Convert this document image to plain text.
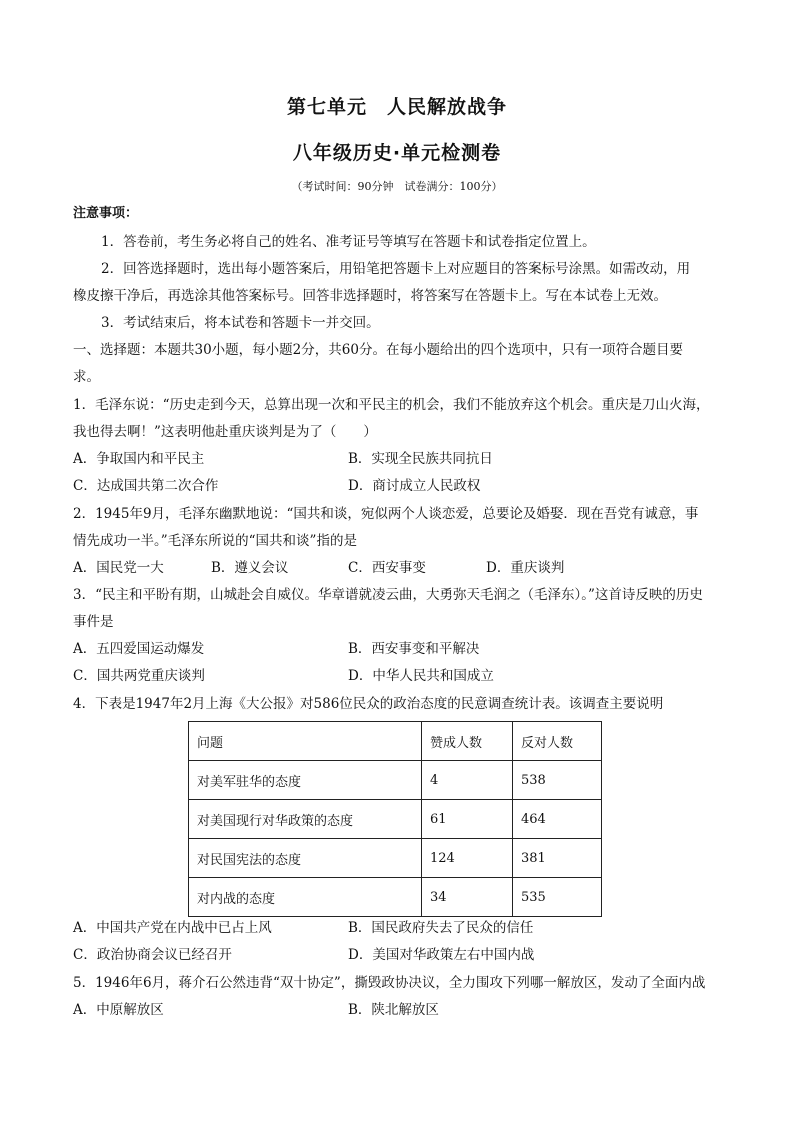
第七单元　人民解放战争
八年级历史·单元检测卷
（考试时间：90分钟　试卷满分：100分）
注意事项：
1．答卷前，考生务必将自己的姓名、准考证号等填写在答题卡和试卷指定位置上。
2．回答选择题时，选出每小题答案后，用铅笔把答题卡上对应题目的答案标号涂黑。如需改动，用
橡皮擦干净后，再选涂其他答案标号。回答非选择题时，将答案写在答题卡上。写在本试卷上无效。
3．考试结束后，将本试卷和答题卡一并交回。
一、选择题：本题共30小题，每小题2分，共60分。在每小题给出的四个选项中，只有一项符合题目要
求。
1．毛泽东说：“历史走到今天，总算出现一次和平民主的机会，我们不能放弃这个机会。重庆是刀山火海，
我也得去啊！”这表明他赴重庆谈判是为了（　　）
A．争取国内和平民主	B．实现全民族共同抗日
C．达成国共第二次合作	D．商讨成立人民政权
2．1945年9月，毛泽东幽默地说：“国共和谈，宛似两个人谈恋爱，总要论及婚娶．现在吾党有诚意，事
情先成功一半。”毛泽东所说的“国共和谈”指的是
A．国民党一大	B．遵义会议	C．西安事变	D．重庆谈判
3．“民主和平盼有期，山城赴会自威仪。华章谱就凌云曲，大勇弥天毛润之（毛泽东）。”这首诗反映的历史
事件是
A．五四爱国运动爆发	B．西安事变和平解决
C．国共两党重庆谈判	D．中华人民共和国成立
4．下表是1947年2月上海《大公报》对586位民众的政治态度的民意调查统计表。该调查主要说明
问题	赞成人数	反对人数
对美军驻华的态度	4	538
对美国现行对华政策的态度	61	464
对民国宪法的态度	124	381
对内战的态度	34	535
A．中国共产党在内战中已占上风	B．国民政府失去了民众的信任
C．政治协商会议已经召开	D．美国对华政策左右中国内战
5．1946年6月，蒋介石公然违背“双十协定”，撕毁政协决议，全力围攻下列哪一解放区，发动了全面内战
A．中原解放区	B．陕北解放区
